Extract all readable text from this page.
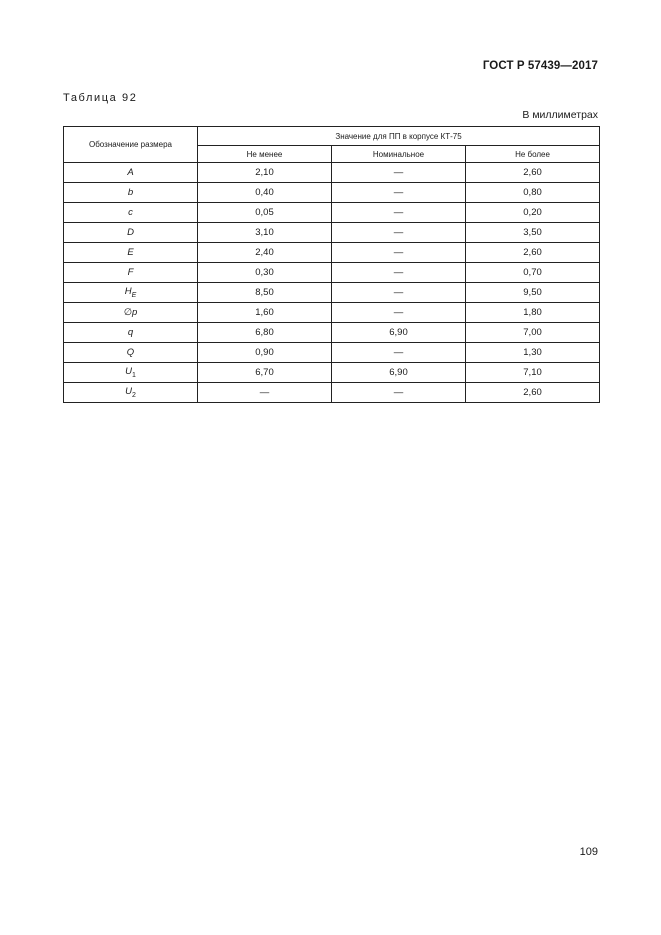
ГОСТ Р 57439—2017
Таблица 92
В миллиметрах
Обозначение размера	Значение для ПП в корпусе КТ-75		
	Не менее	Номинальное	Не более
A	2,10	—	2,60
b	0,40	—	0,80
c	0,05	—	0,20
D	3,10	—	3,50
E	2,40	—	2,60
F	0,30	—	0,70
$H_E$	8,50	—	9,50
∅p	1,60	—	1,80
q	6,80	6,90	7,00
Q	0,90	—	1,30
$U_1$	6,70	6,90	7,10
$U_2$	—	—	2,60
109
